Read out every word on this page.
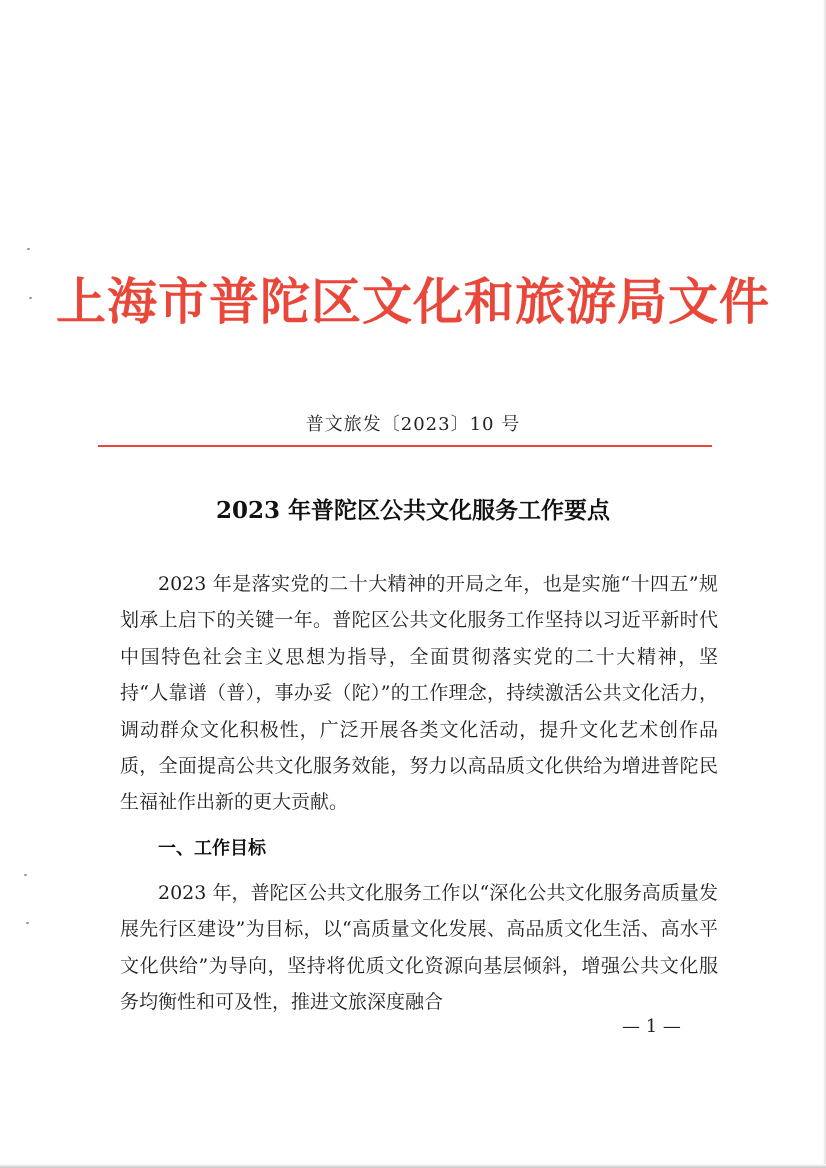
上海市普陀区文化和旅游局文件
普文旅发〔2023〕10 号
2023 年普陀区公共文化服务工作要点

2023 年是落实党的二十大精神的开局之年，也是实施“十四五”规划承上启下的关键一年。普陀区公共文化服务工作坚持以习近平新时代中国特色社会主义思想为指导，全面贯彻落实党的二十大精神，坚持“人靠谱（普），事办妥（陀）”的工作理念，持续激活公共文化活力，调动群众文化积极性，广泛开展各类文化活动，提升文化艺术创作品质，全面提高公共文化服务效能，努力以高品质文化供给为增进普陀民生福祉作出新的更大贡献。

一、工作目标

2023 年，普陀区公共文化服务工作以“深化公共文化服务高质量发展先行区建设”为目标，以“高质量文化发展、高品质文化生活、高水平文化供给”为导向，坚持将优质文化资源向基层倾斜，增强公共文化服务均衡性和可及性，推进文旅深度融合

— 1 —
